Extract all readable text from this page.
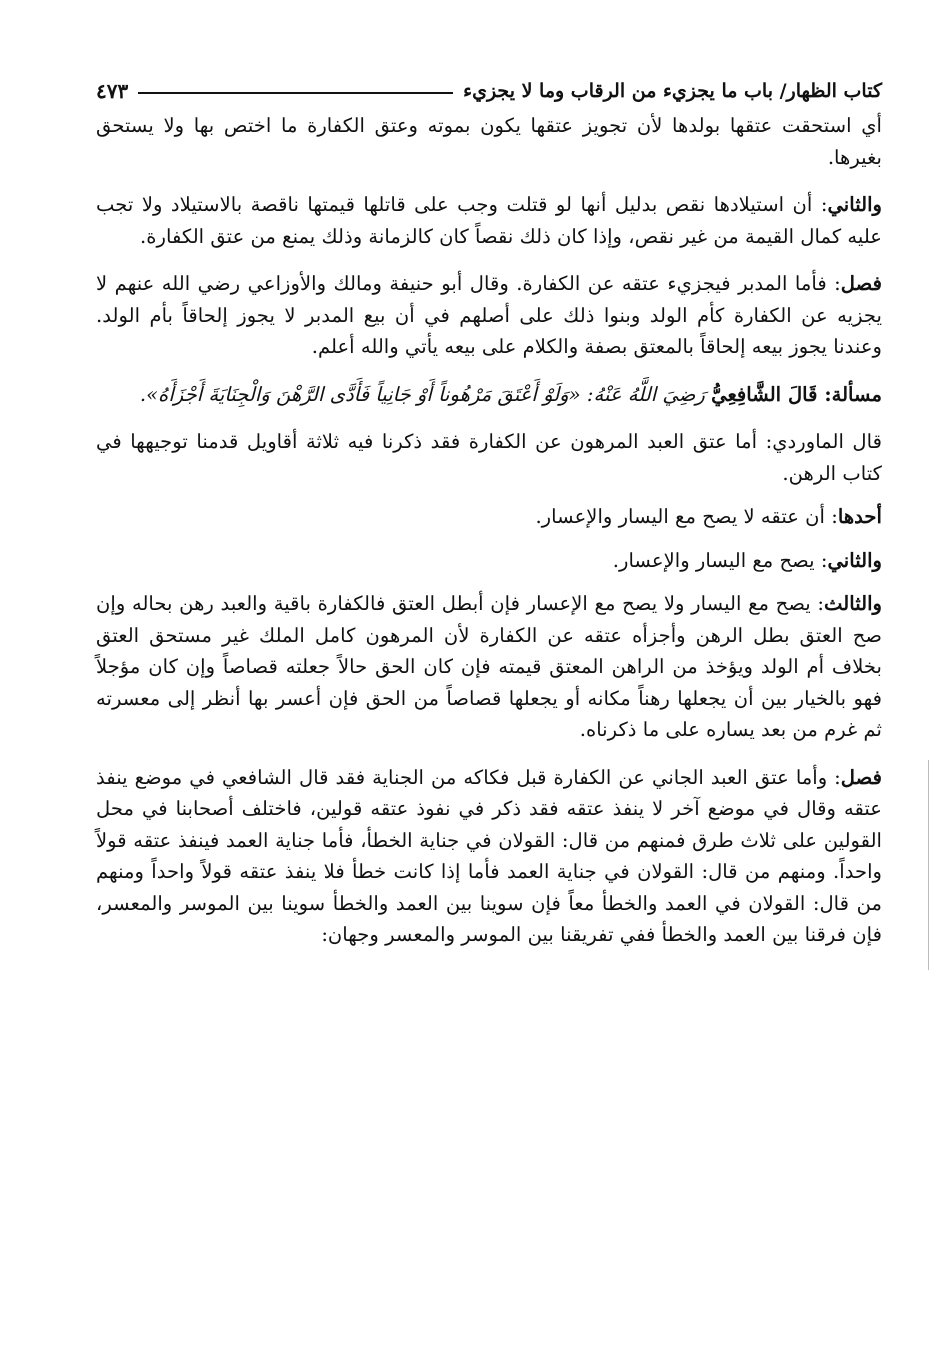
كتاب الظهار/ باب ما يجزيء من الرقاب وما لا يجزيء
٤٧٣

أي استحقت عتقها بولدها لأن تجويز عتقها يكون بموته وعتق الكفارة ما اختص بها ولا يستحق بغيرها.

والثاني: أن استيلادها نقص بدليل أنها لو قتلت وجب على قاتلها قيمتها ناقصة بالاستيلاد ولا تجب عليه كمال القيمة من غير نقص، وإذا كان ذلك نقصاً كان كالزمانة وذلك يمنع من عتق الكفارة.

فصل: فأما المدبر فيجزيء عتقه عن الكفارة. وقال أبو حنيفة ومالك والأوزاعي رضي الله عنهم لا يجزيه عن الكفارة كأم الولد وبنوا ذلك على أصلهم في أن بيع المدبر لا يجوز إلحاقاً بأم الولد. وعندنا يجوز بيعه إلحاقاً بالمعتق بصفة والكلام على بيعه يأتي والله أعلم.

مسألة: قَالَ الشَّافِعِيُّ رَضِيَ اللَّهُ عَنْهُ: «وَلَوْ أَعْتَقَ مَرْهُوناً أَوْ جَانِياً فَأَدَّى الرَّهْنَ وَالْجِنَايَةَ أَجْزَأَهُ».

قال الماوردي: أما عتق العبد المرهون عن الكفارة فقد ذكرنا فيه ثلاثة أقاويل قدمنا توجيهها في كتاب الرهن.

أحدها: أن عتقه لا يصح مع اليسار والإعسار.

والثاني: يصح مع اليسار والإعسار.

والثالث: يصح مع اليسار ولا يصح مع الإعسار فإن أبطل العتق فالكفارة باقية والعبد رهن بحاله وإن صح العتق بطل الرهن وأجزأه عتقه عن الكفارة لأن المرهون كامل الملك غير مستحق العتق بخلاف أم الولد ويؤخذ من الراهن المعتق قيمته فإن كان الحق حالاً جعلته قصاصاً وإن كان مؤجلاً فهو بالخيار بين أن يجعلها رهناً مكانه أو يجعلها قصاصاً من الحق فإن أعسر بها أنظر إلى معسرته ثم غرم من بعد يساره على ما ذكرناه.

فصل: وأما عتق العبد الجاني عن الكفارة قبل فكاكه من الجناية فقد قال الشافعي في موضع ينفذ عتقه وقال في موضع آخر لا ينفذ عتقه فقد ذكر في نفوذ عتقه قولين، فاختلف أصحابنا في محل القولين على ثلاث طرق فمنهم من قال: القولان في جناية الخطأ، فأما جناية العمد فينفذ عتقه قولاً واحداً. ومنهم من قال: القولان في جناية العمد فأما إذا كانت خطأ فلا ينفذ عتقه قولاً واحداً ومنهم من قال: القولان في العمد والخطأ معاً فإن سوينا بين العمد والخطأ سوينا بين الموسر والمعسر، فإن فرقنا بين العمد والخطأ ففي تفريقنا بين الموسر والمعسر وجهان:
